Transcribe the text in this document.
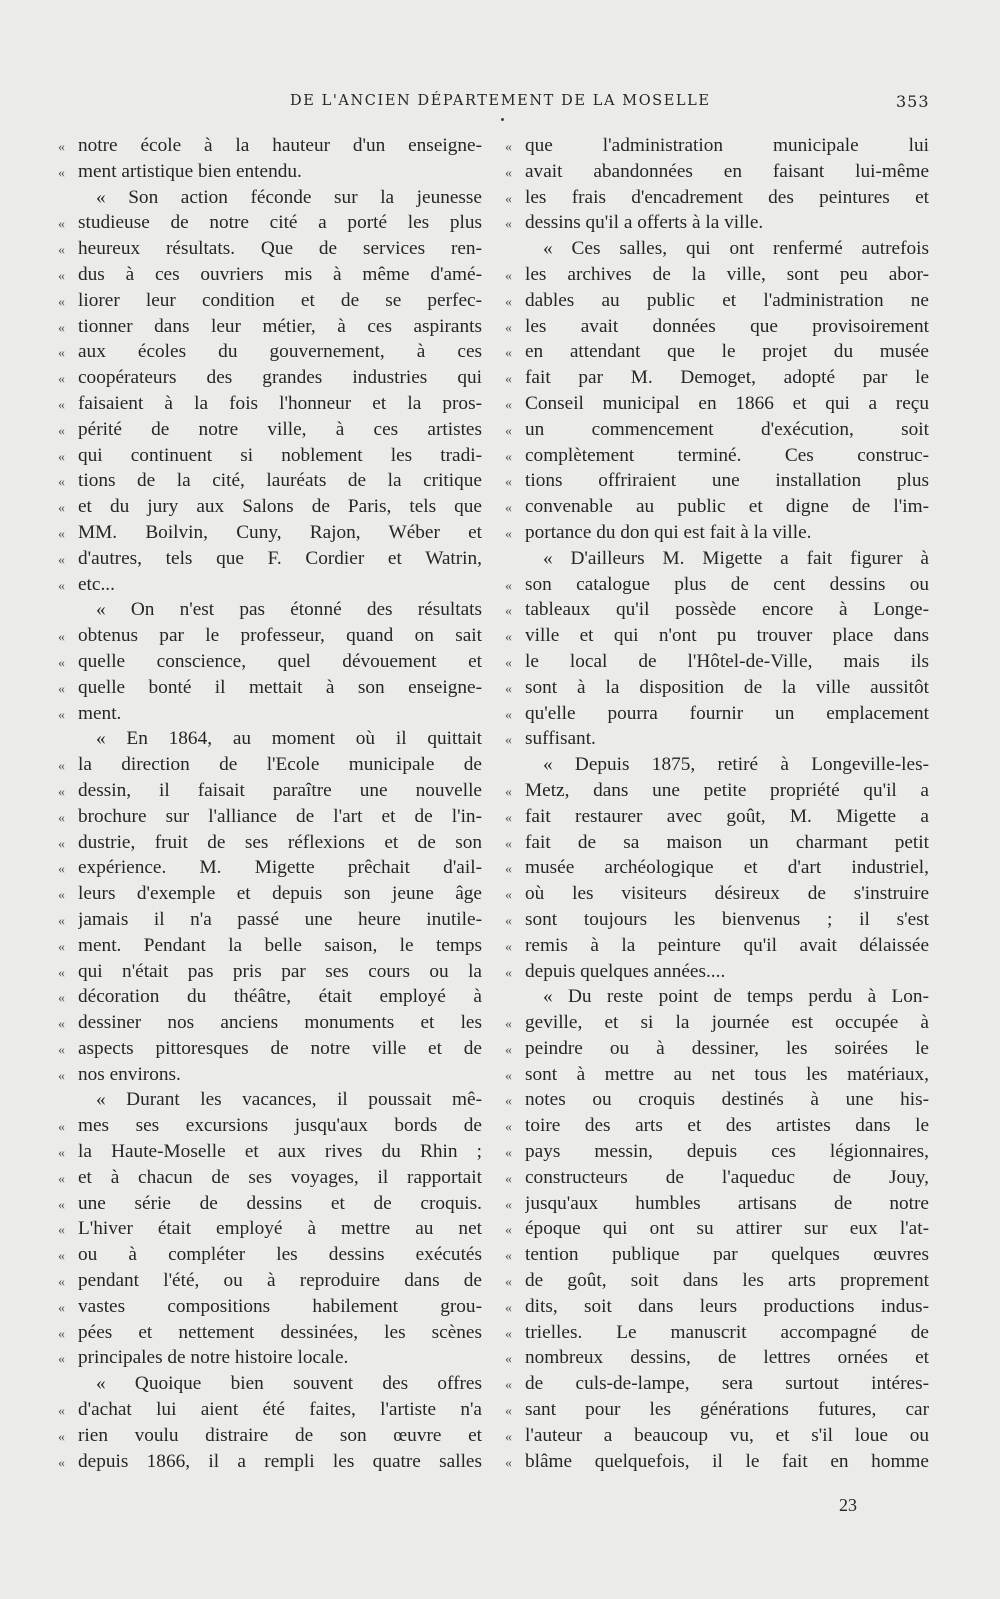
DE L'ANCIEN DÉPARTEMENT DE LA MOSELLE	353
« notre école à la hauteur d'un enseigne-
« ment artistique bien entendu.
« Son action féconde sur la jeunesse
« studieuse de notre cité a porté les plus
« heureux résultats. Que de services ren-
« dus à ces ouvriers mis à même d'amé-
« liorer leur condition et de se perfec-
« tionner dans leur métier, à ces aspirants
« aux écoles du gouvernement, à ces
« coopérateurs des grandes industries qui
« faisaient à la fois l'honneur et la pros-
« périté de notre ville, à ces artistes
« qui continuent si noblement les tradi-
« tions de la cité, lauréats de la critique
« et du jury aux Salons de Paris, tels que
« MM. Boilvin, Cuny, Rajon, Wéber et
« d'autres, tels que F. Cordier et Watrin,
« etc...
« On n'est pas étonné des résultats
« obtenus par le professeur, quand on sait
« quelle conscience, quel dévouement et
« quelle bonté il mettait à son enseigne-
« ment.
« En 1864, au moment où il quittait
« la direction de l'Ecole municipale de
« dessin, il faisait paraître une nouvelle
« brochure sur l'alliance de l'art et de l'in-
« dustrie, fruit de ses réflexions et de son
« expérience. M. Migette prêchait d'ail-
« leurs d'exemple et depuis son jeune âge
« jamais il n'a passé une heure inutile-
« ment. Pendant la belle saison, le temps
« qui n'était pas pris par ses cours ou la
« décoration du théâtre, était employé à
« dessiner nos anciens monuments et les
« aspects pittoresques de notre ville et de
« nos environs.
« Durant les vacances, il poussait mê-
« mes ses excursions jusqu'aux bords de
« la Haute-Moselle et aux rives du Rhin ;
« et à chacun de ses voyages, il rapportait
« une série de dessins et de croquis.
« L'hiver était employé à mettre au net
« ou à compléter les dessins exécutés
« pendant l'été, ou à reproduire dans de
« vastes compositions habilement grou-
« pées et nettement dessinées, les scènes
« principales de notre histoire locale.
« Quoique bien souvent des offres
« d'achat lui aient été faites, l'artiste n'a
« rien voulu distraire de son œuvre et
« depuis 1866, il a rempli les quatre salles
« que l'administration municipale lui
« avait abandonnées en faisant lui-même
« les frais d'encadrement des peintures et
« dessins qu'il a offerts à la ville.
« Ces salles, qui ont renfermé autrefois
« les archives de la ville, sont peu abor-
« dables au public et l'administration ne
« les avait données que provisoirement
« en attendant que le projet du musée
« fait par M. Demoget, adopté par le
« Conseil municipal en 1866 et qui a reçu
« un commencement d'exécution, soit
« complètement terminé. Ces construc-
« tions offriraient une installation plus
« convenable au public et digne de l'im-
« portance du don qui est fait à la ville.
« D'ailleurs M. Migette a fait figurer à
« son catalogue plus de cent dessins ou
« tableaux qu'il possède encore à Longe-
« ville et qui n'ont pu trouver place dans
« le local de l'Hôtel-de-Ville, mais ils
« sont à la disposition de la ville aussitôt
« qu'elle pourra fournir un emplacement
« suffisant.
« Depuis 1875, retiré à Longeville-les-
« Metz, dans une petite propriété qu'il a
« fait restaurer avec goût, M. Migette a
« fait de sa maison un charmant petit
« musée archéologique et d'art industriel,
« où les visiteurs désireux de s'instruire
« sont toujours les bienvenus ; il s'est
« remis à la peinture qu'il avait délaissée
« depuis quelques années....
« Du reste point de temps perdu à Lon-
« geville, et si la journée est occupée à
« peindre ou à dessiner, les soirées le
« sont à mettre au net tous les matériaux,
« notes ou croquis destinés à une his-
« toire des arts et des artistes dans le
« pays messin, depuis ces légionnaires,
« constructeurs de l'aqueduc de Jouy,
« jusqu'aux humbles artisans de notre
« époque qui ont su attirer sur eux l'at-
« tention publique par quelques œuvres
« de goût, soit dans les arts proprement
« dits, soit dans leurs productions indus-
« trielles. Le manuscrit accompagné de
« nombreux dessins, de lettres ornées et
« de culs-de-lampe, sera surtout intéres-
« sant pour les générations futures, car
« l'auteur a beaucoup vu, et s'il loue ou
« blâme quelquefois, il le fait en homme
23
